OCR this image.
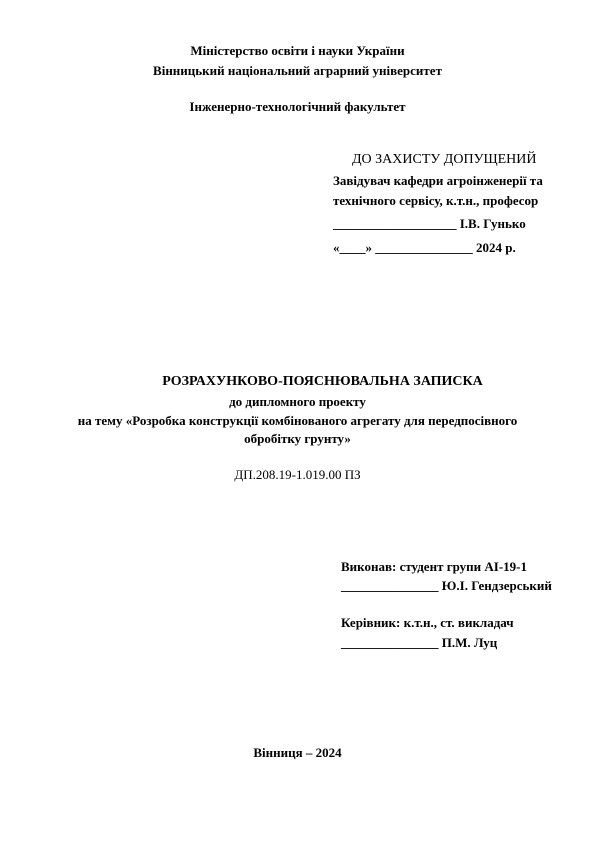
Міністерство освіти і науки України
Вінницький національний аграрний університет
Інженерно-технологічний факультет
ДО ЗАХИСТУ ДОПУЩЕНИЙ
Завідувач кафедри агроінженерії та
технічного сервісу, к.т.н., професор
___________________ І.В. Гунько
«____» _______________ 2024 р.
РОЗРАХУНКОВО-ПОЯСНЮВАЛЬНА ЗАПИСКА
до дипломного проекту
на тему «Розробка конструкції комбінованого агрегату для передпосівного
обробітку грунту»
ДП.208.19-1.019.00 ПЗ
Виконав: студент групи АІ-19-1
_______________ Ю.І. Гендзерський
Керівник: к.т.н., ст. викладач
_______________ П.М. Луц
Вінниця – 2024
